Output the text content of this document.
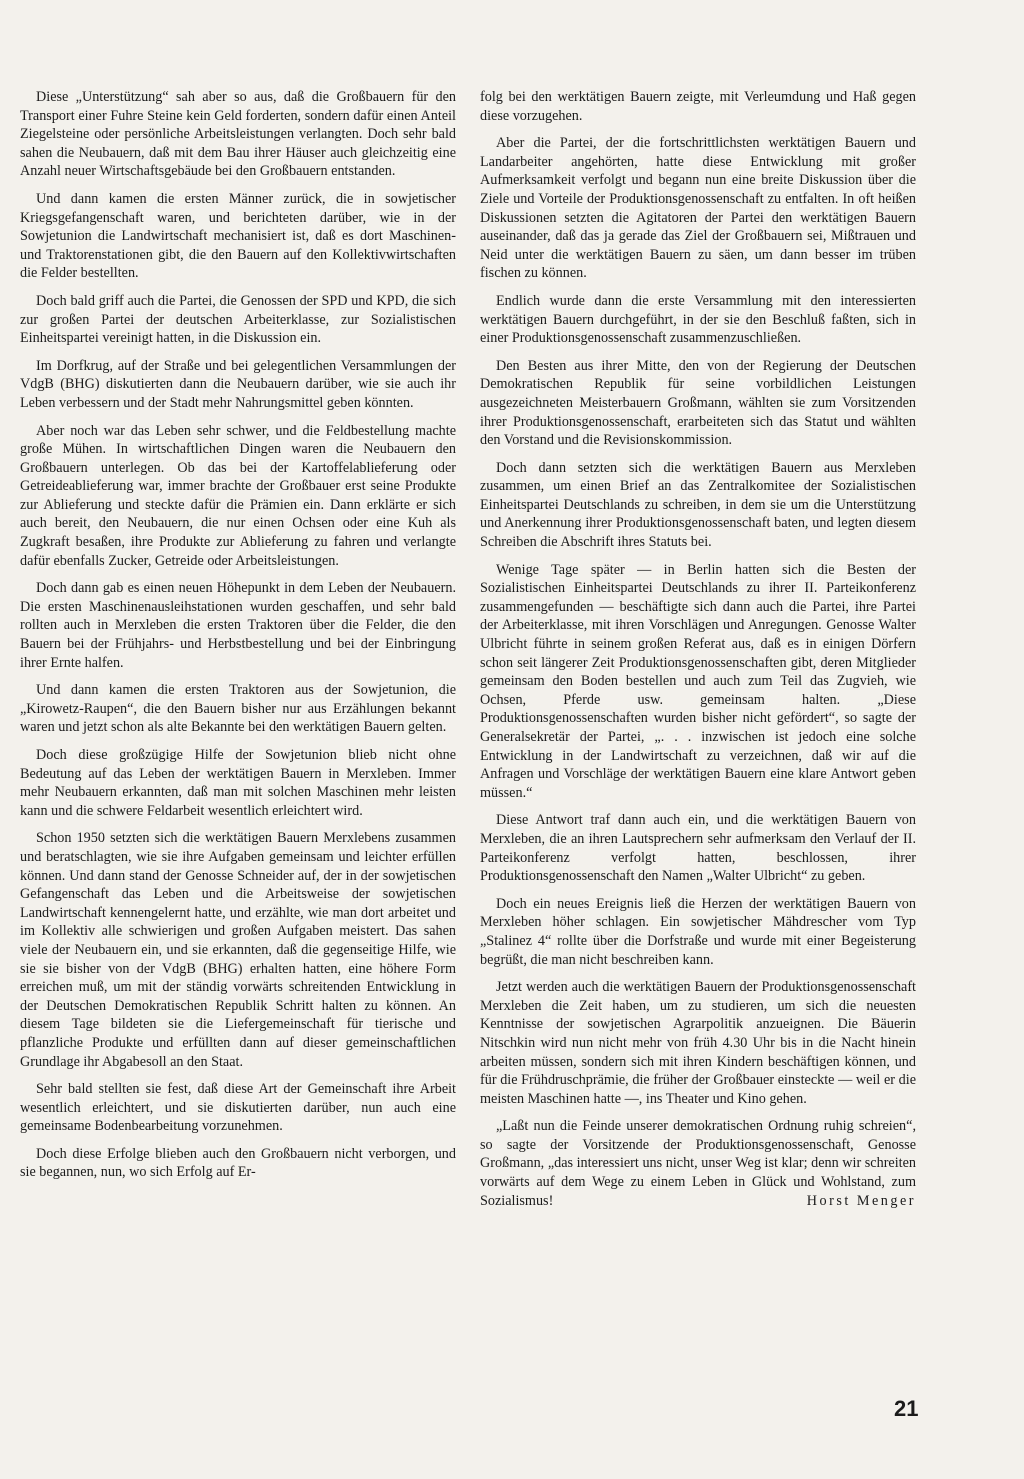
Diese „Unterstützung“ sah aber so aus, daß die Großbauern für den Transport einer Fuhre Steine kein Geld forderten, sondern dafür einen Anteil Ziegelsteine oder persönliche Arbeitsleistungen verlangten. Doch sehr bald sahen die Neubauern, daß mit dem Bau ihrer Häuser auch gleichzeitig eine Anzahl neuer Wirtschaftsgebäude bei den Großbauern entstanden.

Und dann kamen die ersten Männer zurück, die in sowjetischer Kriegsgefangenschaft waren, und berichteten darüber, wie in der Sowjetunion die Landwirtschaft mechanisiert ist, daß es dort Maschinen- und Traktorenstationen gibt, die den Bauern auf den Kollektivwirtschaften die Felder bestellten.

Doch bald griff auch die Partei, die Genossen der SPD und KPD, die sich zur großen Partei der deutschen Arbeiterklasse, zur Sozialistischen Einheitspartei vereinigt hatten, in die Diskussion ein.

Im Dorfkrug, auf der Straße und bei gelegentlichen Versammlungen der VdgB (BHG) diskutierten dann die Neubauern darüber, wie sie auch ihr Leben verbessern und der Stadt mehr Nahrungsmittel geben könnten.

Aber noch war das Leben sehr schwer, und die Feldbestellung machte große Mühen. In wirtschaftlichen Dingen waren die Neubauern den Großbauern unterlegen. Ob das bei der Kartoffelablieferung oder Getreideablieferung war, immer brachte der Großbauer erst seine Produkte zur Ablieferung und steckte dafür die Prämien ein. Dann erklärte er sich auch bereit, den Neubauern, die nur einen Ochsen oder eine Kuh als Zugkraft besaßen, ihre Produkte zur Ablieferung zu fahren und verlangte dafür ebenfalls Zucker, Getreide oder Arbeitsleistungen.

Doch dann gab es einen neuen Höhepunkt in dem Leben der Neubauern. Die ersten Maschinenausleihstationen wurden geschaffen, und sehr bald rollten auch in Merxleben die ersten Traktoren über die Felder, die den Bauern bei der Frühjahrs- und Herbstbestellung und bei der Einbringung ihrer Ernte halfen.

Und dann kamen die ersten Traktoren aus der Sowjetunion, die „Kirowetz-Raupen“, die den Bauern bisher nur aus Erzählungen bekannt waren und jetzt schon als alte Bekannte bei den werktätigen Bauern gelten.

Doch diese großzügige Hilfe der Sowjetunion blieb nicht ohne Bedeutung auf das Leben der werktätigen Bauern in Merxleben. Immer mehr Neubauern erkannten, daß man mit solchen Maschinen mehr leisten kann und die schwere Feldarbeit wesentlich erleichtert wird.

Schon 1950 setzten sich die werktätigen Bauern Merxlebens zusammen und beratschlagten, wie sie ihre Aufgaben gemeinsam und leichter erfüllen können. Und dann stand der Genosse Schneider auf, der in der sowjetischen Gefangenschaft das Leben und die Arbeitsweise der sowjetischen Landwirtschaft kennengelernt hatte, und erzählte, wie man dort arbeitet und im Kollektiv alle schwierigen und großen Aufgaben meistert. Das sahen viele der Neubauern ein, und sie erkannten, daß die gegenseitige Hilfe, wie sie sie bisher von der VdgB (BHG) erhalten hatten, eine höhere Form erreichen muß, um mit der ständig vorwärts schreitenden Entwicklung in der Deutschen Demokratischen Republik Schritt halten zu können. An diesem Tage bildeten sie die Liefergemeinschaft für tierische und pflanzliche Produkte und erfüllten dann auf dieser gemeinschaftlichen Grundlage ihr Abgabesoll an den Staat.

Sehr bald stellten sie fest, daß diese Art der Gemeinschaft ihre Arbeit wesentlich erleichtert, und sie diskutierten darüber, nun auch eine gemeinsame Bodenbearbeitung vorzunehmen.

Doch diese Erfolge blieben auch den Großbauern nicht verborgen, und sie begannen, nun, wo sich Erfolg auf Er-

folg bei den werktätigen Bauern zeigte, mit Verleumdung und Haß gegen diese vorzugehen.

Aber die Partei, der die fortschrittlichsten werktätigen Bauern und Landarbeiter angehörten, hatte diese Entwicklung mit großer Aufmerksamkeit verfolgt und begann nun eine breite Diskussion über die Ziele und Vorteile der Produktionsgenossenschaft zu entfalten. In oft heißen Diskussionen setzten die Agitatoren der Partei den werktätigen Bauern auseinander, daß das ja gerade das Ziel der Großbauern sei, Mißtrauen und Neid unter die werktätigen Bauern zu säen, um dann besser im trüben fischen zu können.

Endlich wurde dann die erste Versammlung mit den interessierten werktätigen Bauern durchgeführt, in der sie den Beschluß faßten, sich in einer Produktionsgenossenschaft zusammenzuschließen.

Den Besten aus ihrer Mitte, den von der Regierung der Deutschen Demokratischen Republik für seine vorbildlichen Leistungen ausgezeichneten Meisterbauern Großmann, wählten sie zum Vorsitzenden ihrer Produktionsgenossenschaft, erarbeiteten sich das Statut und wählten den Vorstand und die Revisionskommission.

Doch dann setzten sich die werktätigen Bauern aus Merxleben zusammen, um einen Brief an das Zentralkomitee der Sozialistischen Einheitspartei Deutschlands zu schreiben, in dem sie um die Unterstützung und Anerkennung ihrer Produktionsgenossenschaft baten, und legten diesem Schreiben die Abschrift ihres Statuts bei.

Wenige Tage später — in Berlin hatten sich die Besten der Sozialistischen Einheitspartei Deutschlands zu ihrer II. Parteikonferenz zusammengefunden — beschäftigte sich dann auch die Partei, ihre Partei der Arbeiterklasse, mit ihren Vorschlägen und Anregungen. Genosse Walter Ulbricht führte in seinem großen Referat aus, daß es in einigen Dörfern schon seit längerer Zeit Produktionsgenossenschaften gibt, deren Mitglieder gemeinsam den Boden bestellen und auch zum Teil das Zugvieh, wie Ochsen, Pferde usw. gemeinsam halten. „Diese Produktionsgenossenschaften wurden bisher nicht gefördert“, so sagte der Generalsekretär der Partei, „. . . inzwischen ist jedoch eine solche Entwicklung in der Landwirtschaft zu verzeichnen, daß wir auf die Anfragen und Vorschläge der werktätigen Bauern eine klare Antwort geben müssen.“

Diese Antwort traf dann auch ein, und die werktätigen Bauern von Merxleben, die an ihren Lautsprechern sehr aufmerksam den Verlauf der II. Parteikonferenz verfolgt hatten, beschlossen, ihrer Produktionsgenossenschaft den Namen „Walter Ulbricht“ zu geben.

Doch ein neues Ereignis ließ die Herzen der werktätigen Bauern von Merxleben höher schlagen. Ein sowjetischer Mähdrescher vom Typ „Stalinez 4“ rollte über die Dorfstraße und wurde mit einer Begeisterung begrüßt, die man nicht beschreiben kann.

Jetzt werden auch die werktätigen Bauern der Produktionsgenossenschaft Merxleben die Zeit haben, um zu studieren, um sich die neuesten Kenntnisse der sowjetischen Agrarpolitik anzueignen. Die Bäuerin Nitschkin wird nun nicht mehr von früh 4.30 Uhr bis in die Nacht hinein arbeiten müssen, sondern sich mit ihren Kindern beschäftigen können, und für die Frühdruschprämie, die früher der Großbauer einsteckte — weil er die meisten Maschinen hatte —, ins Theater und Kino gehen.

„Laßt nun die Feinde unserer demokratischen Ordnung ruhig schreien“, so sagte der Vorsitzende der Produktionsgenossenschaft, Genosse Großmann, „das interessiert uns nicht, unser Weg ist klar; denn wir schreiten vorwärts auf dem Wege zu einem Leben in Glück und Wohlstand, zum Sozialismus!	Horst Menger

21
